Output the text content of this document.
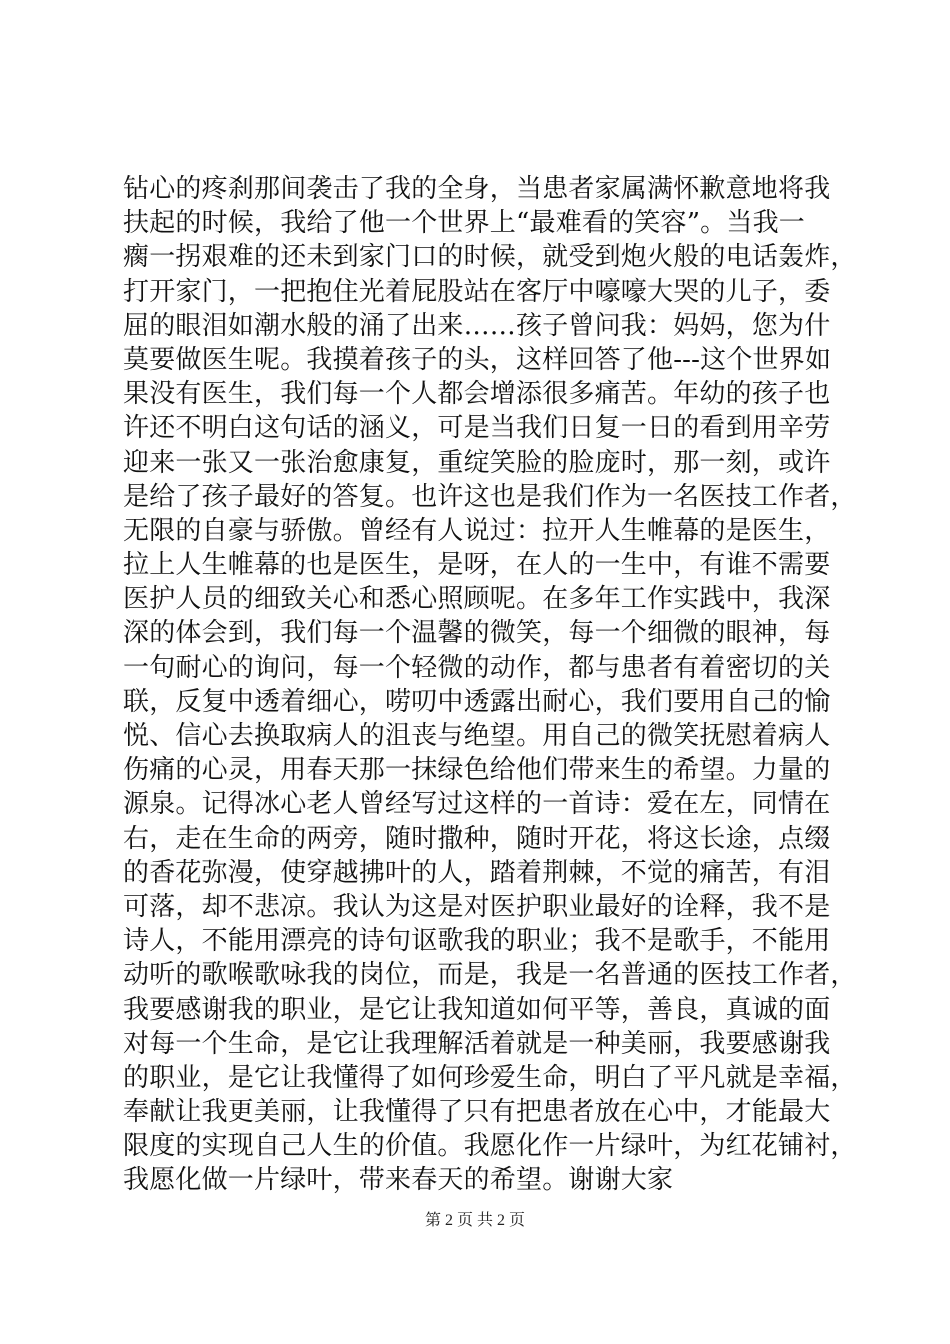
钻心的疼刹那间袭击了我的全身，当患者家属满怀歉意地将我
扶起的时候，我给了他一个世界上“最难看的笑容”。当我一
瘸一拐艰难的还未到家门口的时候，就受到炮火般的电话轰炸，
打开家门，一把抱住光着屁股站在客厅中嚎嚎大哭的儿子，委
屈的眼泪如潮水般的涌了出来……孩子曾问我：妈妈，您为什
莫要做医生呢。我摸着孩子的头，这样回答了他---这个世界如
果没有医生，我们每一个人都会增添很多痛苦。年幼的孩子也
许还不明白这句话的涵义，可是当我们日复一日的看到用辛劳
迎来一张又一张治愈康复，重绽笑脸的脸庞时，那一刻，或许
是给了孩子最好的答复。也许这也是我们作为一名医技工作者，
无限的自豪与骄傲。曾经有人说过：拉开人生帷幕的是医生，
拉上人生帷幕的也是医生，是呀，在人的一生中，有谁不需要
医护人员的细致关心和悉心照顾呢。在多年工作实践中，我深
深的体会到，我们每一个温馨的微笑，每一个细微的眼神，每
一句耐心的询问，每一个轻微的动作，都与患者有着密切的关
联，反复中透着细心，唠叨中透露出耐心，我们要用自己的愉
悦、信心去换取病人的沮丧与绝望。用自己的微笑抚慰着病人
伤痛的心灵，用春天那一抹绿色给他们带来生的希望。力量的
源泉。记得冰心老人曾经写过这样的一首诗：爱在左，同情在
右，走在生命的两旁，随时撒种，随时开花，将这长途，点缀
的香花弥漫，使穿越拂叶的人，踏着荆棘，不觉的痛苦，有泪
可落，却不悲凉。我认为这是对医护职业最好的诠释，我不是
诗人，不能用漂亮的诗句讴歌我的职业；我不是歌手，不能用
动听的歌喉歌咏我的岗位，而是，我是一名普通的医技工作者，
我要感谢我的职业，是它让我知道如何平等，善良，真诚的面
对每一个生命，是它让我理解活着就是一种美丽，我要感谢我
的职业，是它让我懂得了如何珍爱生命，明白了平凡就是幸福，
奉献让我更美丽，让我懂得了只有把患者放在心中，才能最大
限度的实现自己人生的价值。我愿化作一片绿叶，为红花铺衬，
我愿化做一片绿叶，带来春天的希望。谢谢大家
第 2 页 共 2 页
